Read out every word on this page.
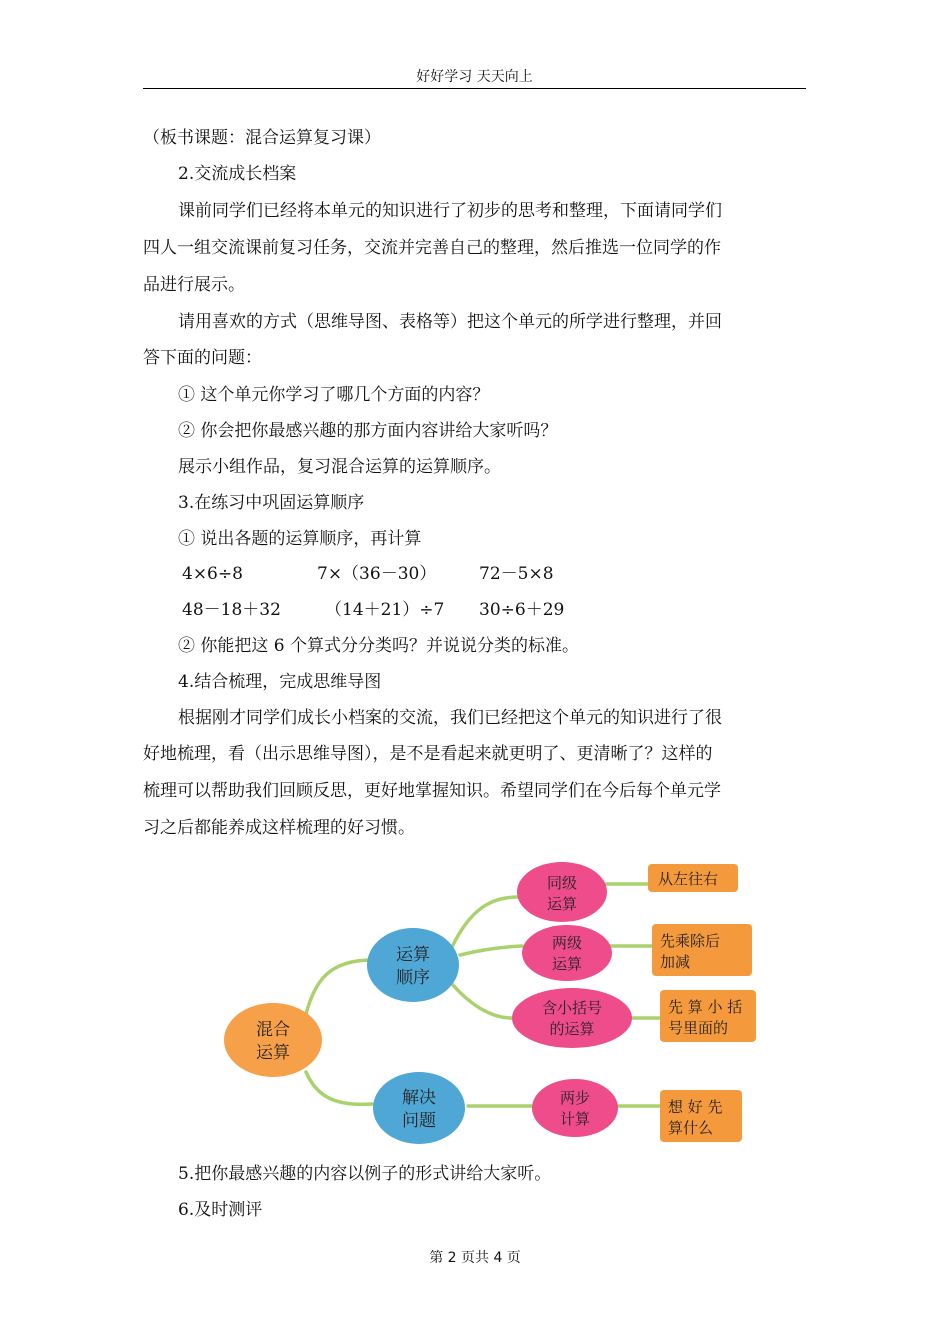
好好学习 天天向上
（板书课题：混合运算复习课）
2.交流成长档案
课前同学们已经将本单元的知识进行了初步的思考和整理，下面请同学们
四人一组交流课前复习任务，交流并完善自己的整理，然后推选一位同学的作
品进行展示。
请用喜欢的方式（思维导图、表格等）把这个单元的所学进行整理，并回
答下面的问题：
① 这个单元你学习了哪几个方面的内容？
② 你会把你最感兴趣的那方面内容讲给大家听吗？
展示小组作品，复习混合运算的运算顺序。
3.在练习中巩固运算顺序
① 说出各题的运算顺序，再计算
4×6÷8	7×（36－30）	72－5×8
48－18＋32	（14＋21）÷7 30÷6＋29
② 你能把这 6 个算式分分类吗？并说说分类的标准。
4.结合梳理，完成思维导图
根据刚才同学们成长小档案的交流，我们已经把这个单元的知识进行了很
好地梳理，看（出示思维导图），是不是看起来就更明了、更清晰了？这样的
梳理可以帮助我们回顾反思，更好地掌握知识。希望同学们在今后每个单元学
习之后都能养成这样梳理的好习惯。
混合
运算
运算
顺序
解决
问题
同级
运算
两级
运算
含小括号
的运算
两步
计算
从左往右
先乘除后
加减
先 算 小 括
号里面的
想 好 先
算什么
5.把你最感兴趣的内容以例子的形式讲给大家听。
6.及时测评
第 2 页共 4 页
